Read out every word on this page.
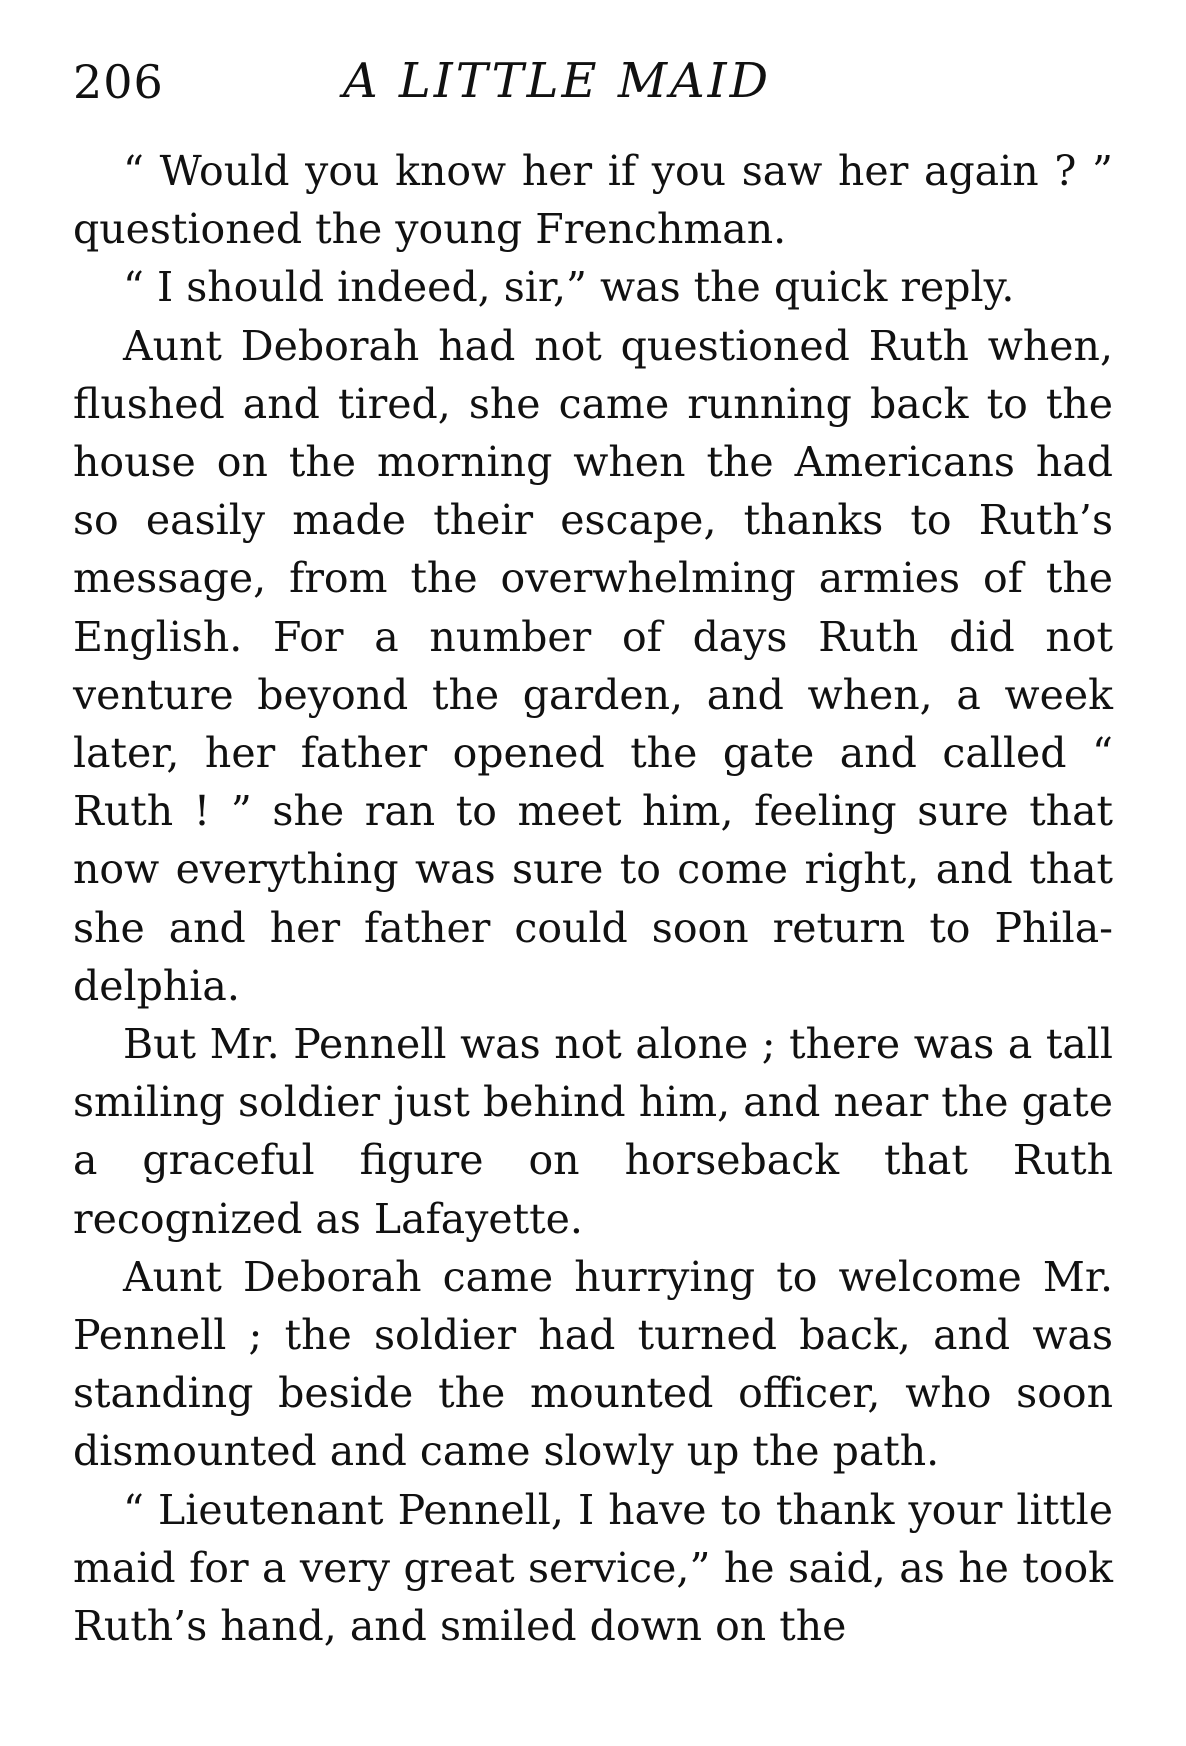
206	A LITTLE MAID

“ Would you know her if you saw her again ? ” questioned the young Frenchman.

“ I should indeed, sir,” was the quick reply.

Aunt Deborah had not questioned Ruth when, flushed and tired, she came running back to the house on the morning when the Americans had so easily made their escape, thanks to Ruth’s message, from the overwhelming armies of the English. For a number of days Ruth did not venture beyond the garden, and when, a week later, her father opened the gate and called “ Ruth ! ” she ran to meet him, feeling sure that now everything was sure to come right, and that she and her father could soon return to Phila-delphia.

But Mr. Pennell was not alone ; there was a tall smiling soldier just behind him, and near the gate a graceful figure on horseback that Ruth recognized as Lafayette.

Aunt Deborah came hurrying to welcome Mr. Pennell ; the soldier had turned back, and was standing beside the mounted officer, who soon dismounted and came slowly up the path.

“ Lieutenant Pennell, I have to thank your little maid for a very great service,” he said, as he took Ruth’s hand, and smiled down on the
